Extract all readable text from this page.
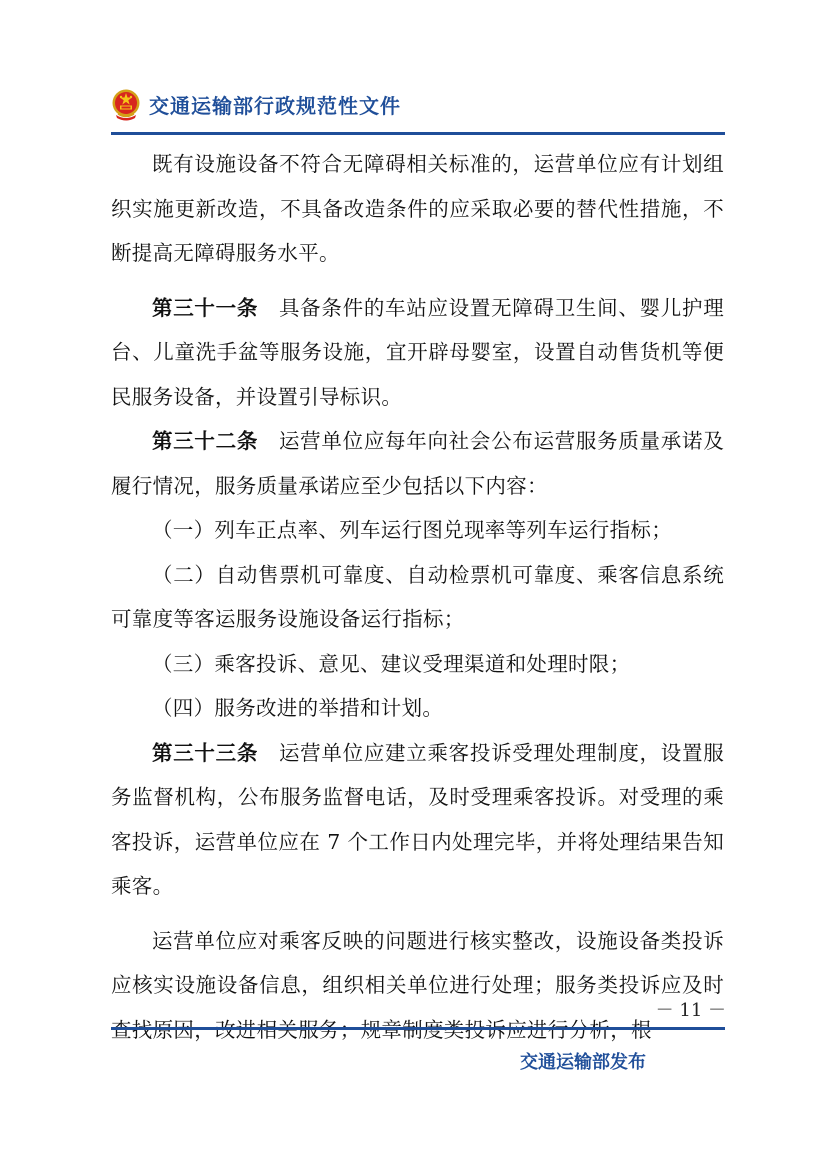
交通运输部行政规范性文件

既有设施设备不符合无障碍相关标准的，运营单位应有计划组织实施更新改造，不具备改造条件的应采取必要的替代性措施，不断提高无障碍服务水平。

第三十一条 具备条件的车站应设置无障碍卫生间、婴儿护理台、儿童洗手盆等服务设施，宜开辟母婴室，设置自动售货机等便民服务设备，并设置引导标识。

第三十二条 运营单位应每年向社会公布运营服务质量承诺及履行情况，服务质量承诺应至少包括以下内容：

（一）列车正点率、列车运行图兑现率等列车运行指标；

（二）自动售票机可靠度、自动检票机可靠度、乘客信息系统可靠度等客运服务设施设备运行指标；

（三）乘客投诉、意见、建议受理渠道和处理时限；

（四）服务改进的举措和计划。

第三十三条 运营单位应建立乘客投诉受理处理制度，设置服务监督机构，公布服务监督电话，及时受理乘客投诉。对受理的乘客投诉，运营单位应在 7 个工作日内处理完毕，并将处理结果告知乘客。

运营单位应对乘客反映的问题进行核实整改，设施设备类投诉应核实设施设备信息，组织相关单位进行处理；服务类投诉应及时

－ 11 －
交通运输部发布
